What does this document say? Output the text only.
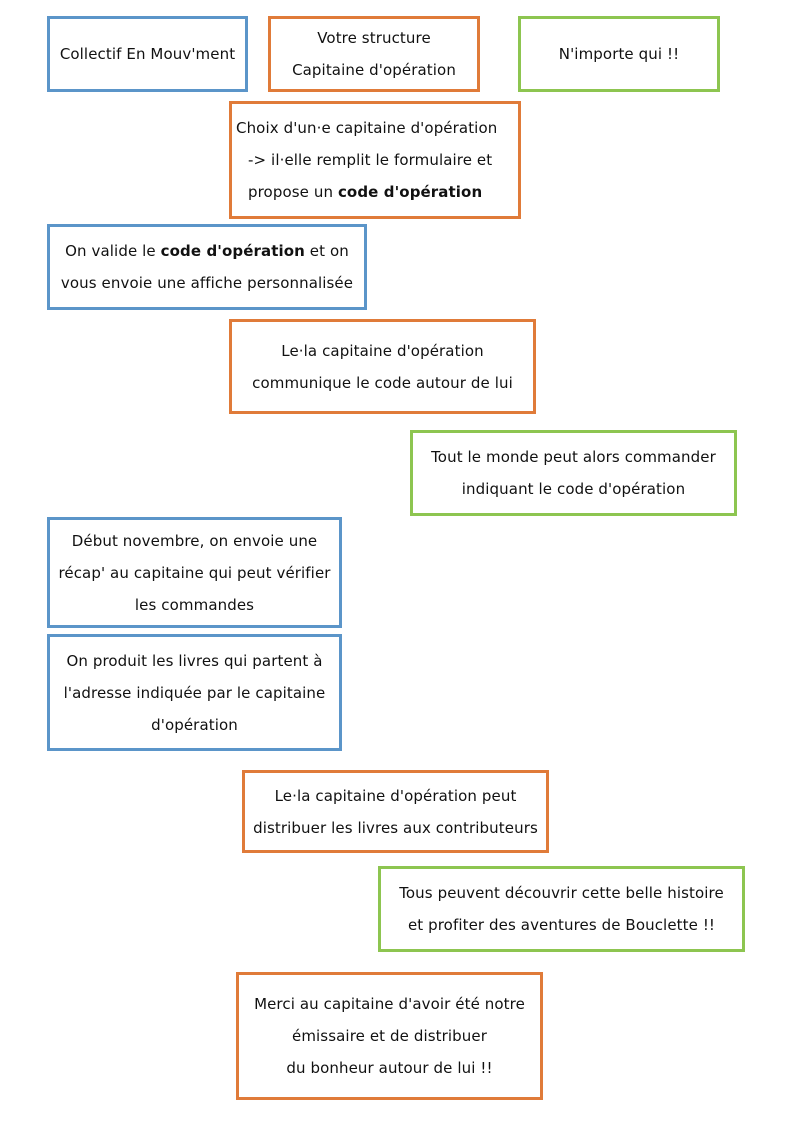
Collectif En Mouv'ment
Votre structure
Capitaine d'opération
N'importe qui !!
Choix d'un·e capitaine d'opération
-> il·elle remplit le formulaire et
propose un code d'opération
On valide le code d'opération et on
vous envoie une affiche personnalisée
Le·la capitaine d'opération
communique le code autour de lui
Tout le monde peut alors commander
indiquant le code d'opération
Début novembre, on envoie une
récap' au capitaine qui peut vérifier
les commandes
On produit les livres qui partent à
l'adresse indiquée par le capitaine
d'opération
Le·la capitaine d'opération peut
distribuer les livres aux contributeurs
Tous peuvent découvrir cette belle histoire
et profiter des aventures de Bouclette !!
Merci au capitaine d'avoir été notre
émissaire et de distribuer
du bonheur autour de lui !!
